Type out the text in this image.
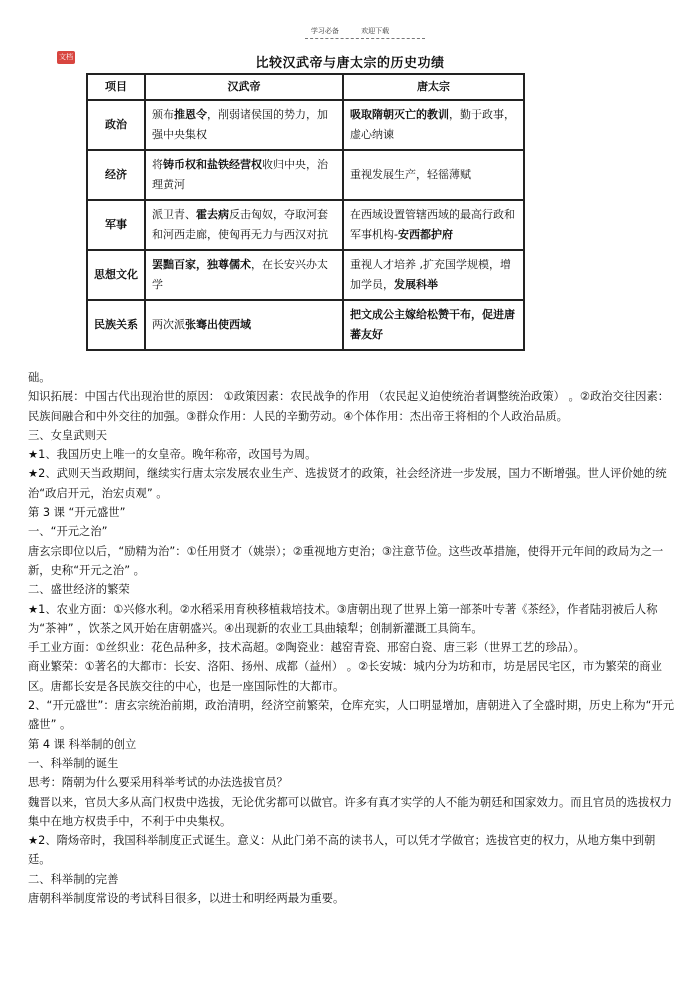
学习必备	欢迎下载
文档	比较汉武帝与唐太宗的历史功绩
项目	汉武帝	唐太宗
政治	颁布推恩令，削弱诸侯国的势力，加强中央集权	吸取隋朝灭亡的教训，勤于政事，虚心纳谏
经济	将铸币权和盐铁经营权收归中央，治理黄河	重视发展生产，轻徭薄赋
军事	派卫青、霍去病反击匈奴，夺取河套和河西走廊，使匈再无力与西汉对抗	在西域设置管辖西域的最高行政和军事机构-安西都护府
思想文化	罢黜百家，独尊儒术，在长安兴办太学	重视人才培养 ,扩充国学规模，增加学员，发展科举
民族关系	两次派张骞出使西域	把文成公主嫁给松赞干布，促进唐蕃友好

础。

知识拓展：中国古代出现治世的原因： ①政策因素：农民战争的作用 （农民起义迫使统治者调整统治政策） 。②政治交往因素：民族间融合和中外交往的加强。③群众作用：人民的辛勤劳动。④个体作用：杰出帝王将相的个人政治品质。

三、女皇武则天

★1、我国历史上唯一的女皇帝。晚年称帝，改国号为周。

★2、武则天当政期间，继续实行唐太宗发展农业生产、选拔贤才的政策，社会经济进一步发展，国力不断增强。世人评价她的统治“政启开元，治宏贞观” 。

第 3 课 “开元盛世”

一、“开元之治”

唐玄宗即位以后，“励精为治”：①任用贤才（姚崇）；②重视地方吏治；③注意节俭。这些改革措施，使得开元年间的政局为之一新，史称“开元之治” 。

二、盛世经济的繁荣

★1、农业方面：①兴修水利。②水稻采用育秧移植栽培技术。③唐朝出现了世界上第一部茶叶专著《茶经》，作者陆羽被后人称为“茶神” ，饮茶之风开始在唐朝盛兴。④出现新的农业工具曲辕犁；创制新灌溉工具筒车。

手工业方面：①丝织业：花色品种多，技术高超。②陶瓷业：越窑青瓷、邢窑白瓷、唐三彩（世界工艺的珍品）。

商业繁荣：①著名的大都市：长安、洛阳、扬州、成都（益州） 。②长安城：城内分为坊和市，坊是居民宅区，市为繁荣的商业区。唐都长安是各民族交往的中心，也是一座国际性的大都市。

2、“开元盛世”：唐玄宗统治前期，政治清明，经济空前繁荣，仓库充实，人口明显增加，唐朝进入了全盛时期，历史上称为“开元盛世” 。

第 4 课 科举制的创立

一、科举制的诞生

思考：隋朝为什么要采用科举考试的办法选拔官员？

魏晋以来，官员大多从高门权贵中选拔，无论优劣都可以做官。许多有真才实学的人不能为朝廷和国家效力。而且官员的选拔权力集中在地方权贵手中，不利于中央集权。

★2、隋炀帝时，我国科举制度正式诞生。意义：从此门弟不高的读书人，可以凭才学做官；选拔官吏的权力，从地方集中到朝廷。

二、科举制的完善

唐朝科举制度常设的考试科目很多，以进士和明经两最为重要。
